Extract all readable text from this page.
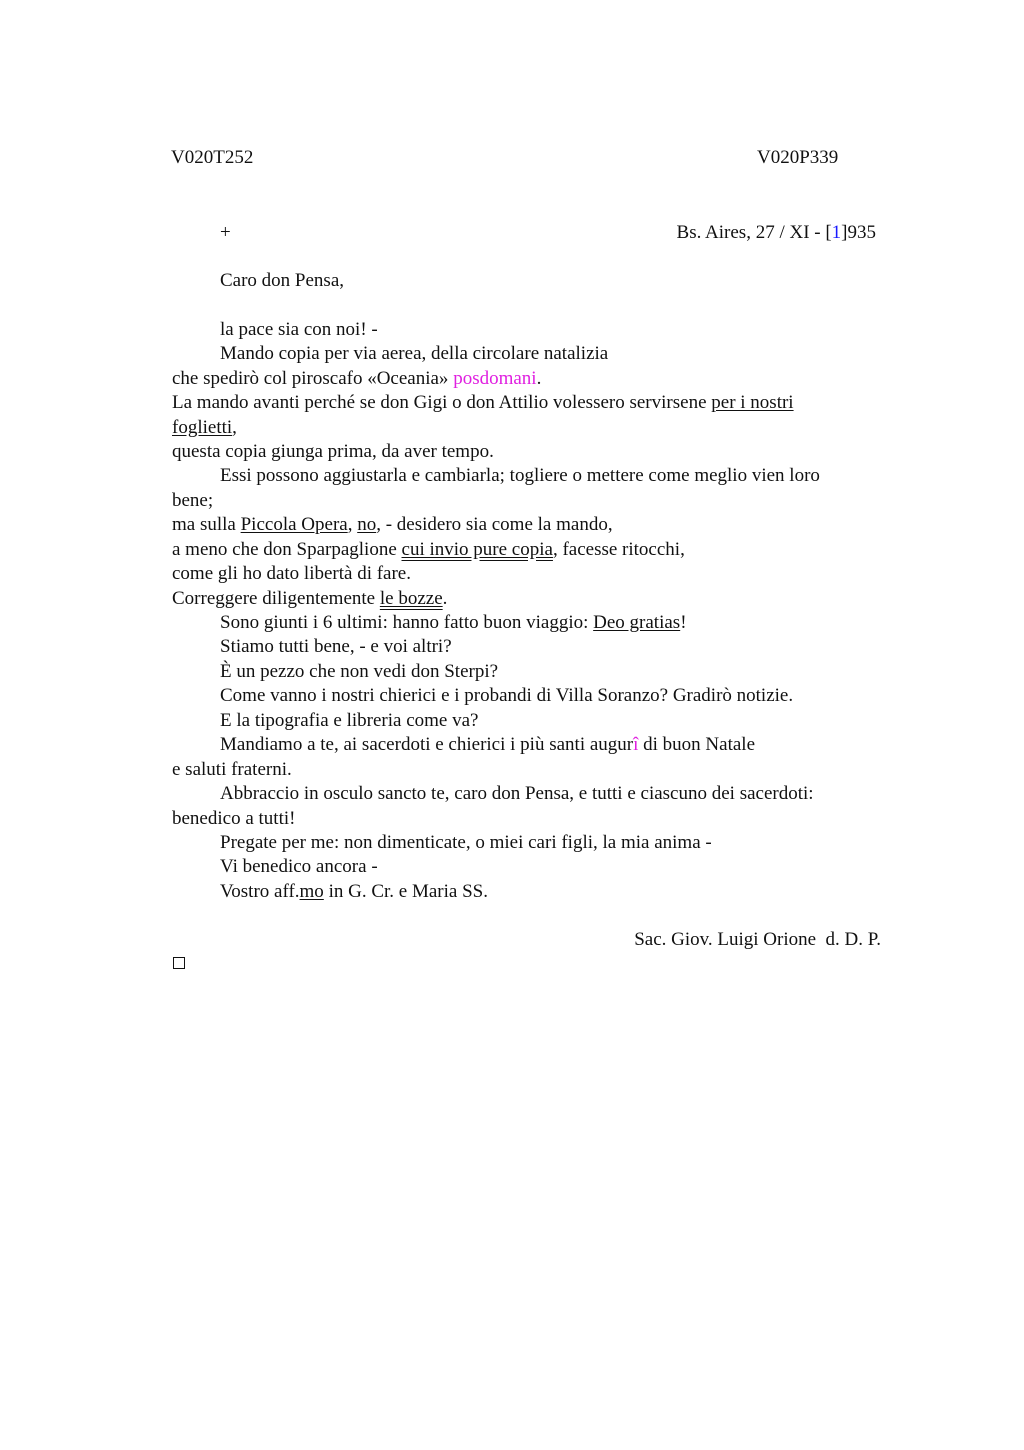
V020T252	V020P339
+	Bs. Aires, 27 / XI - [1]935
Caro don Pensa,
la pace sia con noi! -
Mando copia per via aerea, della circolare natalizia
che spedirò col piroscafo «Oceania» posdomani.
La mando avanti perché se don Gigi o don Attilio volessero servirsene per i nostri
foglietti,
questa copia giunga prima, da aver tempo.
Essi possono aggiustarla e cambiarla; togliere o mettere come meglio vien loro
bene;
ma sulla Piccola Opera, no, - desidero sia come la mando,
a meno che don Sparpaglione cui invio pure copia, facesse ritocchi,
come gli ho dato libertà di fare.
Correggere diligentemente le bozze.
Sono giunti i 6 ultimi: hanno fatto buon viaggio: Deo gratias!
Stiamo tutti bene, - e voi altri?
È un pezzo che non vedi don Sterpi?
Come vanno i nostri chierici e i probandi di Villa Soranzo? Gradirò notizie.
E la tipografia e libreria come va?
Mandiamo a te, ai sacerdoti e chierici i più santi augurî di buon Natale
e saluti fraterni.
Abbraccio in osculo sancto te, caro don Pensa, e tutti e ciascuno dei sacerdoti:
benedico a tutti!
Pregate per me: non dimenticate, o miei cari figli, la mia anima -
Vi benedico ancora -
Vostro aff.mo in G. Cr. e Maria SS.
Sac. Giov. Luigi Orione  d. D. P.
